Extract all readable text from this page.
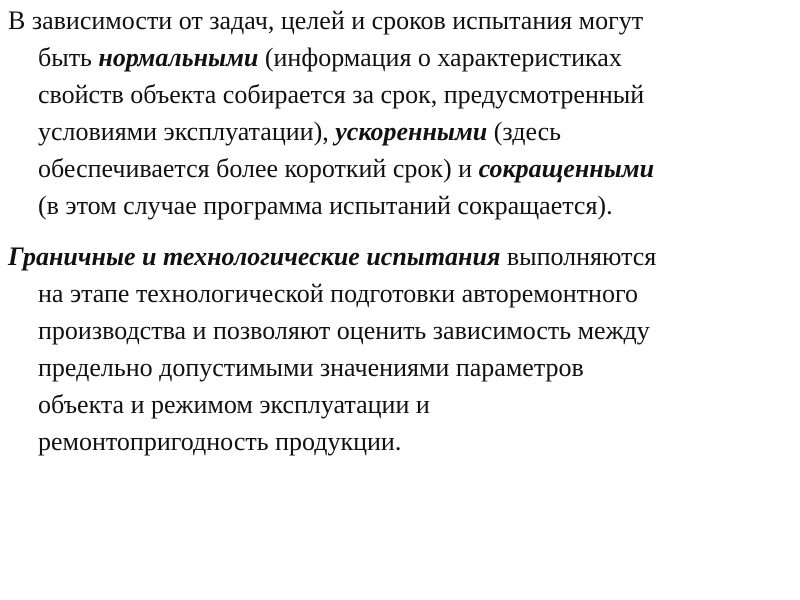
В зависимости от задач, целей и сроков испытания могут
быть нормальными (информация о характеристиках
свойств объекта собирается за срок, предусмотренный
условиями эксплуатации), ускоренными (здесь
обеспечивается более короткий срок) и сокращенными
(в этом случае программа испытаний сокращается).

Граничные и технологические испытания выполняются
на этапе технологической подготовки авторемонтного
производства и позволяют оценить зависимость между
предельно допустимыми значениями параметров
объекта и режимом эксплуатации и
ремонтопригодность продукции.
